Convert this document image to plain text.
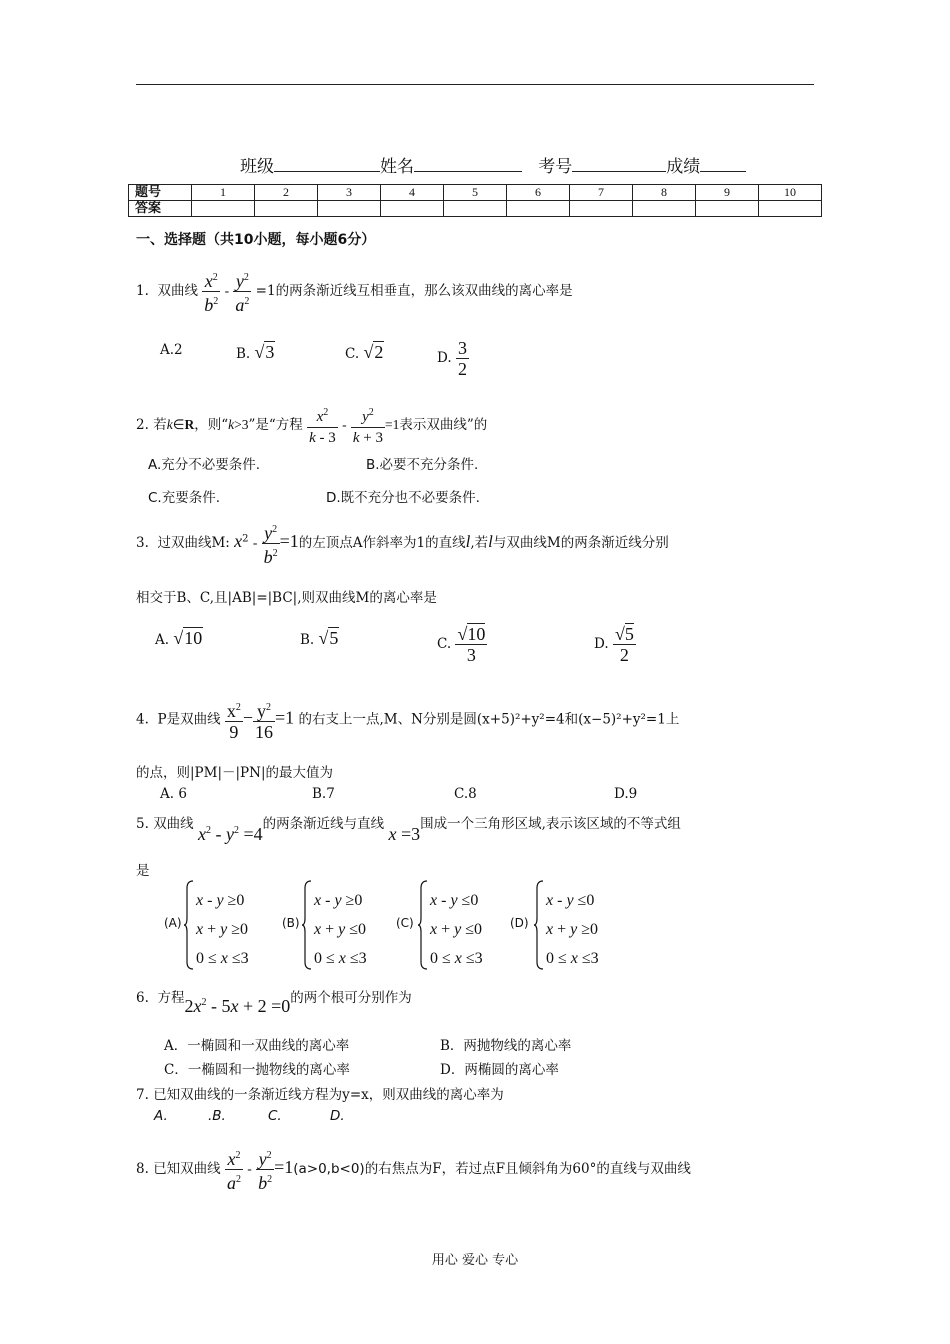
班级	姓名	考号	成绩
题号	1	2	3	4	5	6	7	8	9	10
答案										
一、选择题（共10小题，每小题6分）
1. 双曲线 $\frac{x^2}{b^2} - \frac{y^2}{a^2} =1$的两条渐近线互相垂直，那么该双曲线的离心率是
A.2	B. √3	C. √2	D. $\frac{3}{2}$
2. 若k∈R，则“k>3”是“方程 $\frac{x^2}{k - 3} - \frac{y^2}{k + 3} =1$表示双曲线”的
A.充分不必要条件.	B.必要不充分条件.
C.充要条件.	D.既不充分也不必要条件.
3. 过双曲线M: $x^2 - \frac{y^2}{b^2} =1$的左顶点A作斜率为1的直线l,若l与双曲线M的两条渐近线分别
相交于B、C,且|AB|=|BC|,则双曲线M的离心率是
A. √10	B. √5	C. $\frac{√10}{3}$	D. $\frac{√5}{2}$
4. P是双曲线 $\frac{x^2}{9} - \frac{y^2}{16} =1$ 的右支上一点,M、N分别是圆(x+5)²+y²=4和(x−5)²+y²=1上
的点，则|PM|－|PN|的最大值为
A. 6	B.7	C.8	D.9
5. 双曲线 $x^2 - y^2 =4$的两条渐近线与直线 x =3围成一个三角形区域,表示该区域的不等式组
是
(A)
x - y ≥0
x + y ≥0
0 ≤ x ≤3
(B)
x - y ≥0
x + y ≤0
0 ≤ x ≤3
(C)
x - y ≤0
x + y ≤0
0 ≤ x ≤3
(D)
x - y ≤0
x + y ≥0
0 ≤ x ≤3
6. 方程$2x^2 - 5x + 2 =0$的两个根可分别作为
A．一椭圆和一双曲线的离心率	B．两抛物线的离心率
C．一椭圆和一抛物线的离心率	D．两椭圆的离心率
7. 已知双曲线的一条渐近线方程为y=x，则双曲线的离心率为
A.	.B.	C.	D.
8. 已知双曲线 $\frac{x^2}{a^2} - \frac{y^2}{b^2} =1(a>0,b<0)$的右焦点为F，若过点F且倾斜角为60°的直线与双曲线
用心 爱心 专心
